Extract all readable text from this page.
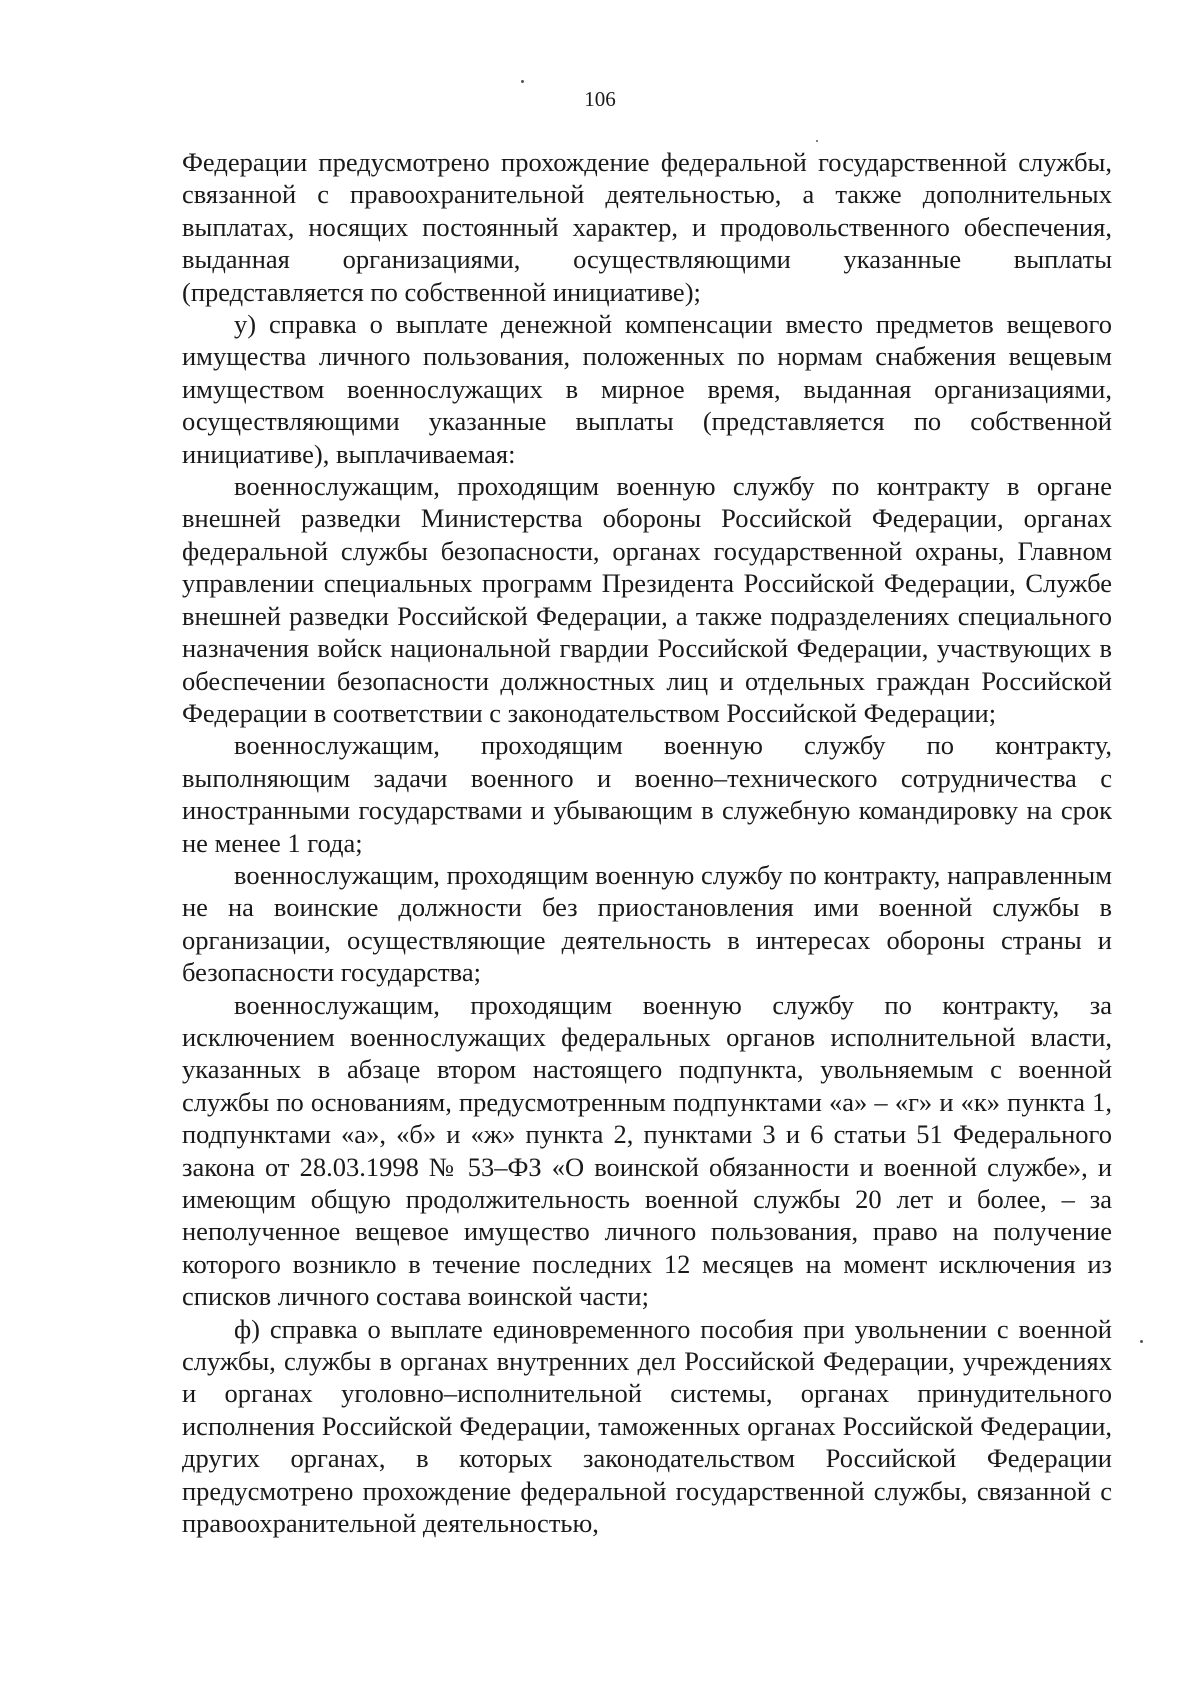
106

Федерации предусмотрено прохождение федеральной государственной службы, связанной с правоохранительной деятельностью, а также дополнительных выплатах, носящих постоянный характер, и продовольственного обеспечения, выданная организациями, осуществляющими указанные выплаты (представляется по собственной инициативе);

у) справка о выплате денежной компенсации вместо предметов вещевого имущества личного пользования, положенных по нормам снабжения вещевым имуществом военнослужащих в мирное время, выданная организациями, осуществляющими указанные выплаты (представляется по собственной инициативе), выплачиваемая:

военнослужащим, проходящим военную службу по контракту в органе внешней разведки Министерства обороны Российской Федерации, органах федеральной службы безопасности, органах государственной охраны, Главном управлении специальных программ Президента Российской Федерации, Службе внешней разведки Российской Федерации, а также подразделениях специального назначения войск национальной гвардии Российской Федерации, участвующих в обеспечении безопасности должностных лиц и отдельных граждан Российской Федерации в соответствии с законодательством Российской Федерации;

военнослужащим, проходящим военную службу по контракту, выполняющим задачи военного и военно–технического сотрудничества с иностранными государствами и убывающим в служебную командировку на срок не менее 1 года;

военнослужащим, проходящим военную службу по контракту, направленным не на воинские должности без приостановления ими военной службы в организации, осуществляющие деятельность в интересах обороны страны и безопасности государства;

военнослужащим, проходящим военную службу по контракту, за исключением военнослужащих федеральных органов исполнительной власти, указанных в абзаце втором настоящего подпункта, увольняемым с военной службы по основаниям, предусмотренным подпунктами «а» – «г» и «к» пункта 1, подпунктами «а», «б» и «ж» пункта 2, пунктами 3 и 6 статьи 51 Федерального закона от 28.03.1998 № 53–ФЗ «О воинской обязанности и военной службе», и имеющим общую продолжительность военной службы 20 лет и более, – за неполученное вещевое имущество личного пользования, право на получение которого возникло в течение последних 12 месяцев на момент исключения из списков личного состава воинской части;

ф) справка о выплате единовременного пособия при увольнении с военной службы, службы в органах внутренних дел Российской Федерации, учреждениях и органах уголовно–исполнительной системы, органах принудительного исполнения Российской Федерации, таможенных органах Российской Федерации, других органах, в которых законодательством Российской Федерации предусмотрено прохождение федеральной государственной службы, связанной с правоохранительной деятельностью,
